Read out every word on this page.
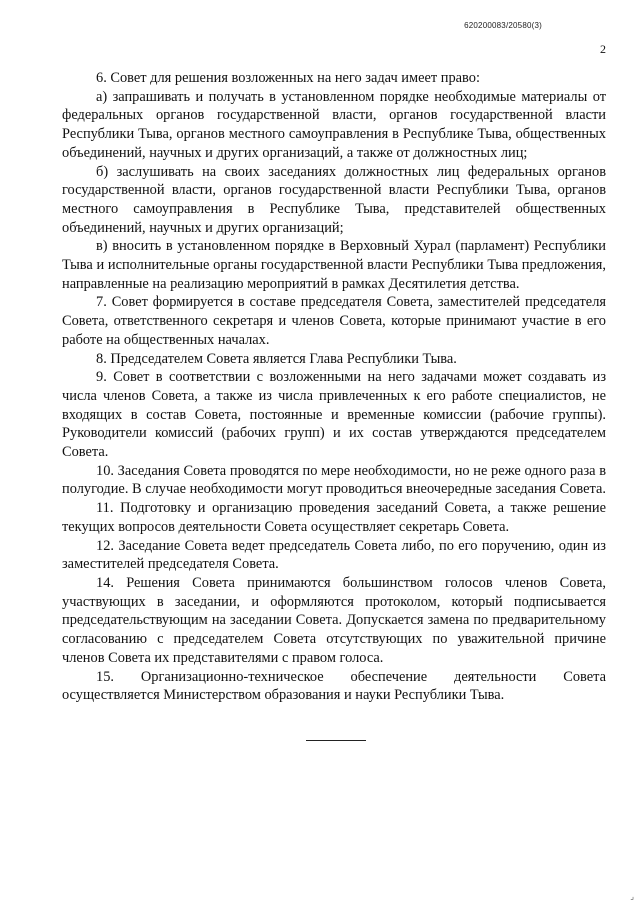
620200083/20580(3)
2

6. Совет для решения возложенных на него задач имеет право:

а) запрашивать и получать в установленном порядке необходимые материалы от федеральных органов государственной власти, органов государственной власти Республики Тыва, органов местного самоуправления в Республике Тыва, общественных объединений, научных и других организаций, а также от должностных лиц;

б) заслушивать на своих заседаниях должностных лиц федеральных органов государственной власти, органов государственной власти Республики Тыва, органов местного самоуправления в Республике Тыва, представителей общественных объединений, научных и других организаций;

в) вносить в установленном порядке в Верховный Хурал (парламент) Республики Тыва и исполнительные органы государственной власти Республики Тыва предложения, направленные на реализацию мероприятий в рамках Десятилетия детства.

7. Совет формируется в составе председателя Совета, заместителей председателя Совета, ответственного секретаря и членов Совета, которые принимают участие в его работе на общественных началах.

8. Председателем Совета является Глава Республики Тыва.

9. Совет в соответствии с возложенными на него задачами может создавать из числа членов Совета, а также из числа привлеченных к его работе специалистов, не входящих в состав Совета, постоянные и временные комиссии (рабочие группы). Руководители комиссий (рабочих групп) и их состав утверждаются председателем Совета.

10. Заседания Совета проводятся по мере необходимости, но не реже одного раза в полугодие. В случае необходимости могут проводиться внеочередные заседания Совета.

11. Подготовку и организацию проведения заседаний Совета, а также решение текущих вопросов деятельности Совета осуществляет секретарь Совета.

12. Заседание Совета ведет председатель Совета либо, по его поручению, один из заместителей председателя Совета.

14. Решения Совета принимаются большинством голосов членов Совета, участвующих в заседании, и оформляются протоколом, который подписывается председательствующим на заседании Совета. Допускается замена по предварительному согласованию с председателем Совета отсутствующих по уважительной причине членов Совета их представителями с правом голоса.

15. Организационно-техническое обеспечение деятельности Совета осуществляется Министерством образования и науки Республики Тыва.

⌟
